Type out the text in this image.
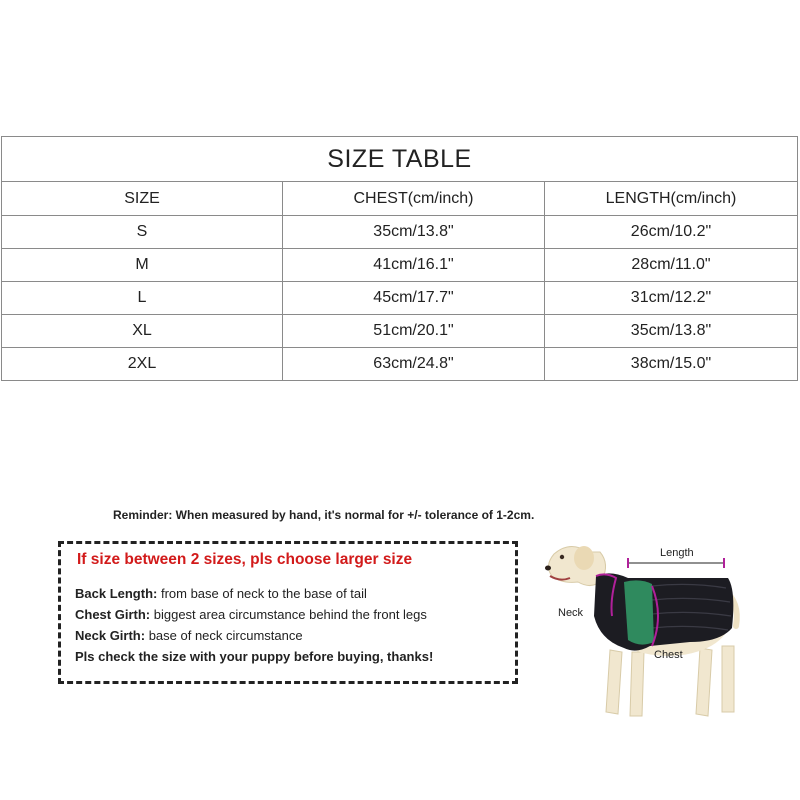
SIZE TABLE		
SIZE	CHEST(cm/inch)	LENGTH(cm/inch)
S	35cm/13.8"	26cm/10.2"
M	41cm/16.1"	28cm/11.0"
L	45cm/17.7"	31cm/12.2"
XL	51cm/20.1"	35cm/13.8"
2XL	63cm/24.8"	38cm/15.0"
Reminder: When measured by hand, it's normal for +/- tolerance of 1-2cm.
If size between 2 sizes, pls choose larger size
Back Length: from base of neck to the base of tail
Chest Girth: biggest area circumstance behind the front legs
Neck Girth: base of neck circumstance
Pls check the size with your puppy before buying, thanks!
Length
Neck
Chest
